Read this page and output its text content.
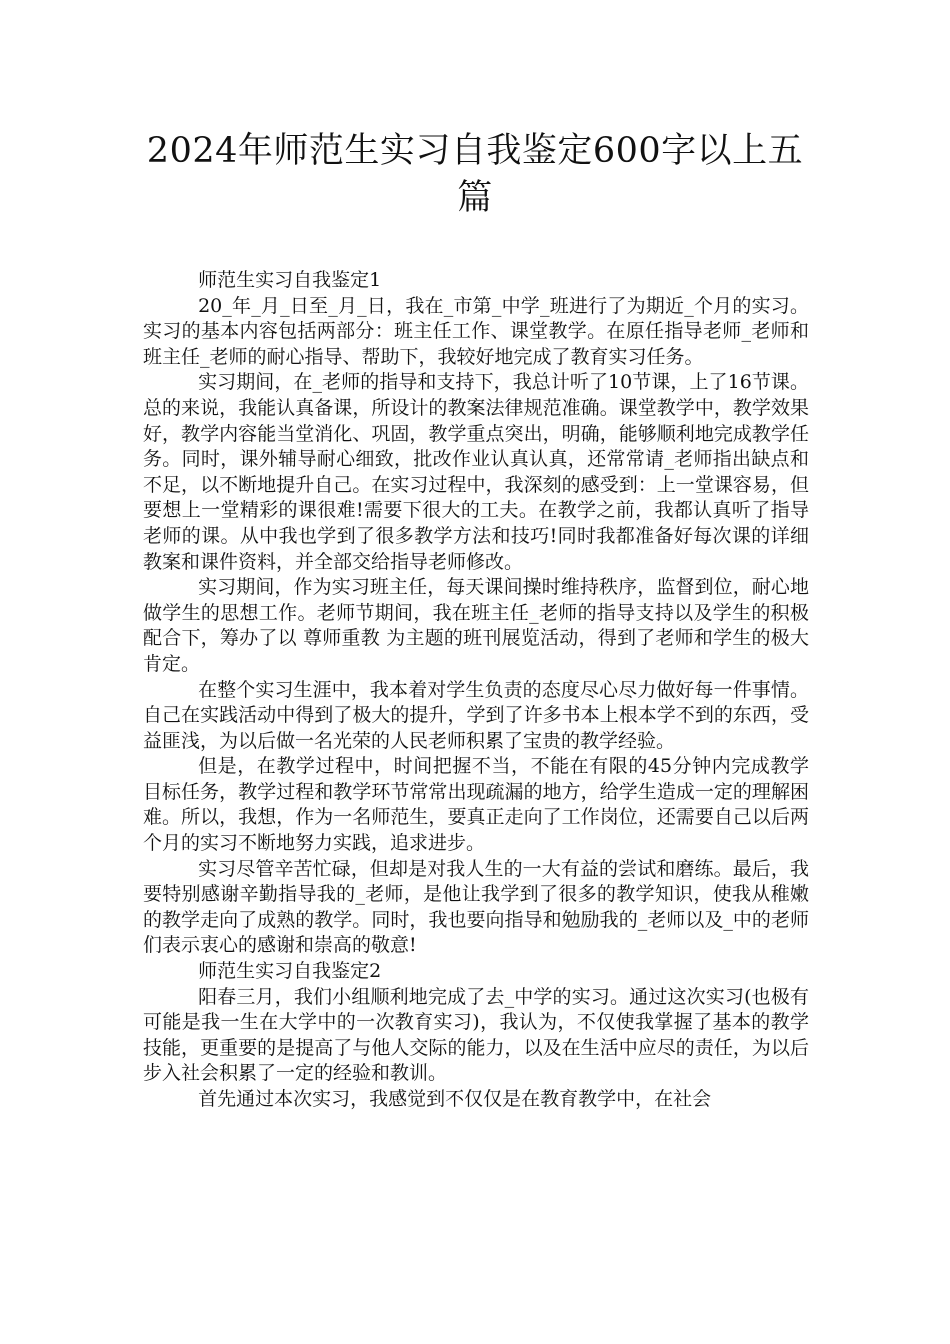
2024年师范生实习自我鉴定600字以上五篇

师范生实习自我鉴定1

20_年_月_日至_月_日，我在_市第_中学_班进行了为期近_个月的实习。实习的基本内容包括两部分：班主任工作、课堂教学。在原任指导老师_老师和班主任_老师的耐心指导、帮助下，我较好地完成了教育实习任务。

实习期间，在_老师的指导和支持下，我总计听了10节课，上了16节课。总的来说，我能认真备课，所设计的教案法律规范准确。课堂教学中，教学效果好，教学内容能当堂消化、巩固，教学重点突出，明确，能够顺利地完成教学任务。同时，课外辅导耐心细致，批改作业认真认真，还常常请_老师指出缺点和不足，以不断地提升自己。在实习过程中，我深刻的感受到：上一堂课容易，但要想上一堂精彩的课很难!需要下很大的工夫。在教学之前，我都认真听了指导老师的课。从中我也学到了很多教学方法和技巧!同时我都准备好每次课的详细教案和课件资料，并全部交给指导老师修改。

实习期间，作为实习班主任，每天课间操时维持秩序，监督到位，耐心地做学生的思想工作。老师节期间，我在班主任_老师的指导支持以及学生的积极配合下，筹办了以 尊师重教 为主题的班刊展览活动，得到了老师和学生的极大肯定。

在整个实习生涯中，我本着对学生负责的态度尽心尽力做好每一件事情。自己在实践活动中得到了极大的提升，学到了许多书本上根本学不到的东西，受益匪浅，为以后做一名光荣的人民老师积累了宝贵的教学经验。

但是，在教学过程中，时间把握不当，不能在有限的45分钟内完成教学目标任务，教学过程和教学环节常常出现疏漏的地方，给学生造成一定的理解困难。所以，我想，作为一名师范生，要真正走向了工作岗位，还需要自己以后两个月的实习不断地努力实践，追求进步。

实习尽管辛苦忙碌，但却是对我人生的一大有益的尝试和磨练。最后，我要特别感谢辛勤指导我的_老师，是他让我学到了很多的教学知识，使我从稚嫩的教学走向了成熟的教学。同时，我也要向指导和勉励我的_老师以及_中的老师们表示衷心的感谢和崇高的敬意!

师范生实习自我鉴定2

阳春三月，我们小组顺利地完成了去_中学的实习。通过这次实习(也极有可能是我一生在大学中的一次教育实习)，我认为，不仅使我掌握了基本的教学技能，更重要的是提高了与他人交际的能力，以及在生活中应尽的责任，为以后步入社会积累了一定的经验和教训。

首先通过本次实习，我感觉到不仅仅是在教育教学中，在社会
